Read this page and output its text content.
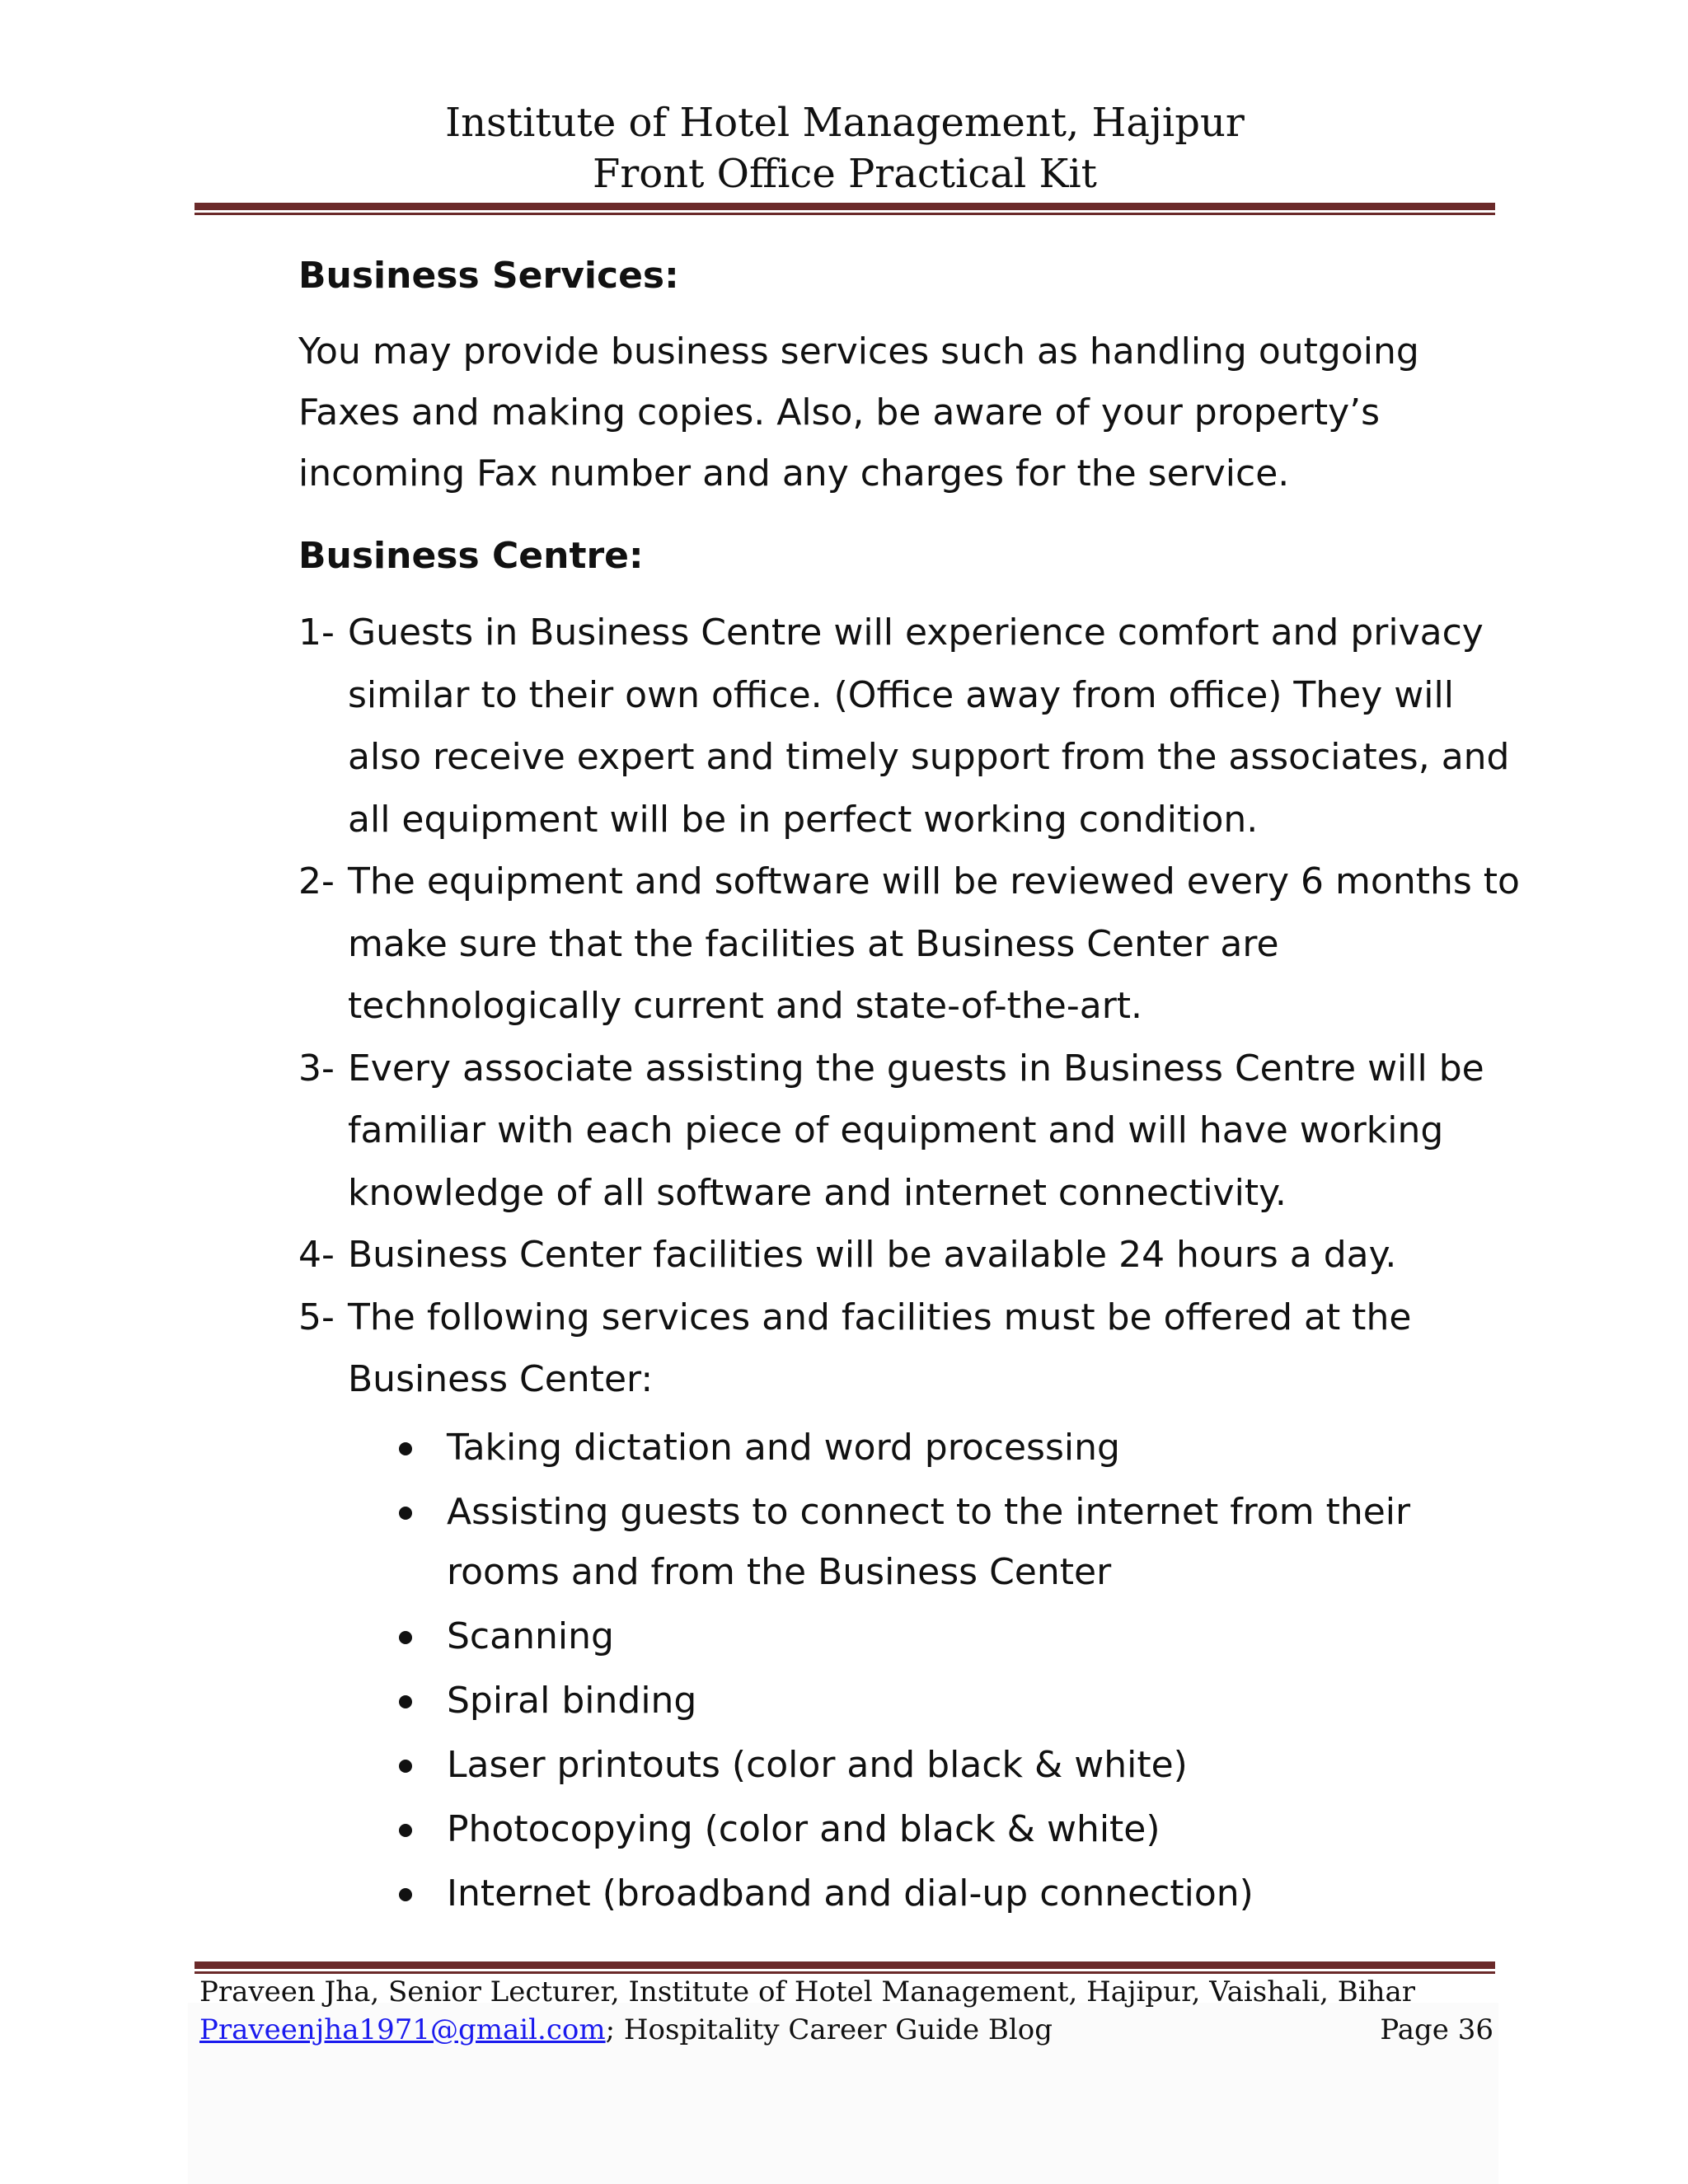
Institute of Hotel Management, Hajipur
Front Office Practical Kit

Business Services:

You may provide business services such as handling outgoing Faxes and making copies. Also, be aware of your property’s incoming Fax number and any charges for the service.

Business Centre:

1- Guests in Business Centre will experience comfort and privacy similar to their own office. (Office away from office) They will also receive expert and timely support from the associates, and all equipment will be in perfect working condition.
2- The equipment and software will be reviewed every 6 months to make sure that the facilities at Business Center are technologically current and state-of-the-art.
3- Every associate assisting the guests in Business Centre will be familiar with each piece of equipment and will have working knowledge of all software and internet connectivity.
4- Business Center facilities will be available 24 hours a day.
5- The following services and facilities must be offered at the Business Center:
Taking dictation and word processing
Assisting guests to connect to the internet from their rooms and from the Business Center
Scanning
Spiral binding
Laser printouts (color and black & white)
Photocopying (color and black & white)
Internet (broadband and dial-up connection)
Praveen Jha, Senior Lecturer, Institute of Hotel Management, Hajipur, Vaishali, Bihar
Praveenjha1971@gmail.com; Hospitality Career Guide Blog	Page 36
